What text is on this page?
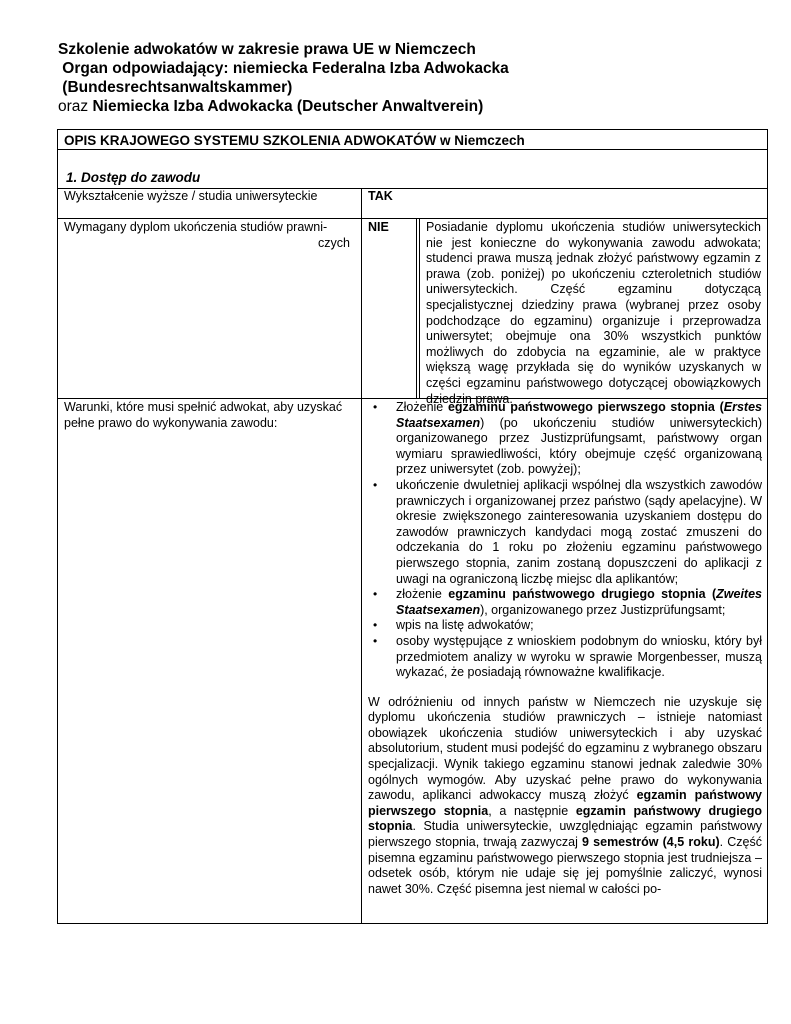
Szkolenie adwokatów w zakresie prawa UE w Niemczech
Organ odpowiadający: niemiecka Federalna Izba Adwokacka
(Bundesrechtsanwaltskammer)
oraz Niemiecka Izba Adwokacka (Deutscher Anwaltverein)
OPIS KRAJOWEGO SYSTEMU SZKOLENIA ADWOKATÓW w Niemczech
1. Dostęp do zawodu
Wykształcenie wyższe / studia uniwersyteckie	TAK
Wymagany dyplom ukończenia studiów prawni-
czych
NIE	Posiadanie dyplomu ukończenia studiów uniwersyteckich nie jest konieczne do wykonywania zawodu adwokata; studenci prawa muszą jednak złożyć państwowy egzamin z prawa (zob. poniżej) po ukończeniu czteroletnich studiów uniwersyteckich. Część egzaminu dotyczącą specjalistycznej dziedziny prawa (wybranej przez osoby podchodzące do egzaminu) organizuje i przeprowadza uniwersytet; obejmuje ona 30% wszystkich punktów możliwych do zdobycia na egzaminie, ale w praktyce większą wagę przykłada się do wyników uzyskanych w części egzaminu państwowego dotyczącej obowiązkowych dziedzin prawa.
Warunki, które musi spełnić adwokat, aby uzyskać pełne prawo do wykonywania zawodu:
• Złożenie egzaminu państwowego pierwszego stopnia (Erstes Staatsexamen) (po ukończeniu studiów uniwersyteckich) organizowanego przez Justizprüfungsamt, państwowy organ wymiaru sprawiedliwości, który obejmuje część organizowaną przez uniwersytet (zob. powyżej);
• ukończenie dwuletniej aplikacji wspólnej dla wszystkich zawodów prawniczych i organizowanej przez państwo (sądy apelacyjne). W okresie zwiększonego zainteresowania uzyskaniem dostępu do zawodów prawniczych kandydaci mogą zostać zmuszeni do odczekania do 1 roku po złożeniu egzaminu państwowego pierwszego stopnia, zanim zostaną dopuszczeni do aplikacji z uwagi na ograniczoną liczbę miejsc dla aplikantów;
• złożenie egzaminu państwowego drugiego stopnia (Zweites Staatsexamen), organizowanego przez Justizprüfungsamt;
• wpis na listę adwokatów;
• osoby występujące z wnioskiem podobnym do wniosku, który był przedmiotem analizy w wyroku w sprawie Morgenbesser, muszą wykazać, że posiadają równoważne kwalifikacje.
W odróżnieniu od innych państw w Niemczech nie uzyskuje się dyplomu ukończenia studiów prawniczych – istnieje natomiast obowiązek ukończenia studiów uniwersyteckich i aby uzyskać absolutorium, student musi podejść do egzaminu z wybranego obszaru specjalizacji. Wynik takiego egzaminu stanowi jednak zaledwie 30% ogólnych wymogów. Aby uzyskać pełne prawo do wykonywania zawodu, aplikanci adwokaccy muszą złożyć egzamin państwowy pierwszego stopnia, a następnie egzamin państwowy drugiego stopnia. Studia uniwersyteckie, uwzględniając egzamin państwowy pierwszego stopnia, trwają zazwyczaj 9 semestrów (4,5 roku). Część pisemna egzaminu państwowego pierwszego stopnia jest trudniejsza – odsetek osób, którym nie udaje się jej pomyślnie zaliczyć, wynosi nawet 30%. Część pisemna jest niemal w całości po-
